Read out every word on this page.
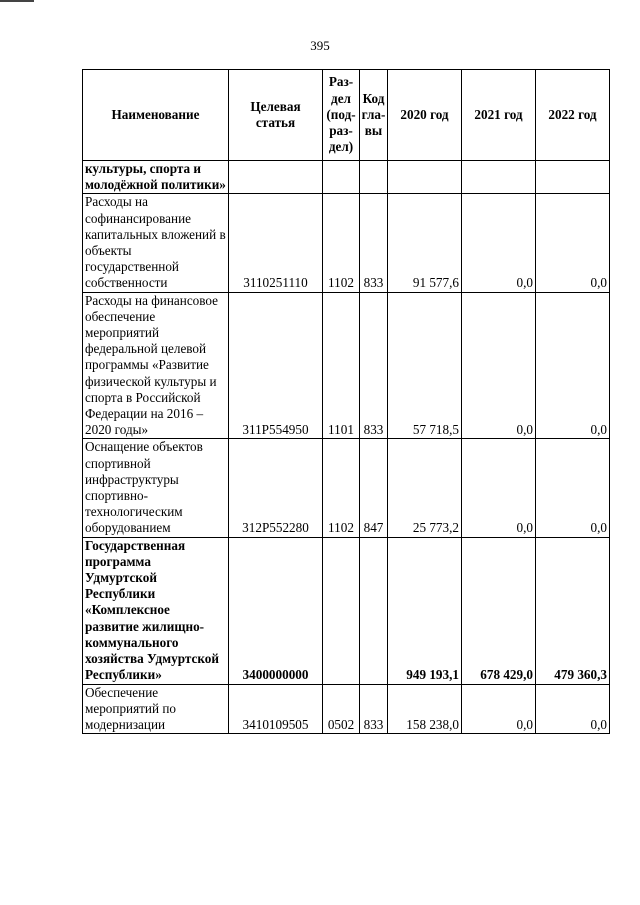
395
Наименование	Целевая статья	Раз-дел (под-раз-дел)	Код гла-вы	2020 год	2021 год	2022 год
культуры, спорта и молодёжной политики»						
Расходы на софинансирование капитальных вложений в объекты государственной собственности	3110251110	1102	833	91 577,6	0,0	0,0
Расходы на финансовое обеспечение мероприятий федеральной целевой программы «Развитие физической культуры и спорта в Российской Федерации на 2016 – 2020 годы»	311Р554950	1101	833	57 718,5	0,0	0,0
Оснащение объектов спортивной инфраструктуры спортивно-технологическим оборудованием	312Р552280	1102	847	25 773,2	0,0	0,0
Государственная программа Удмуртской Республики «Комплексное развитие жилищно-коммунального хозяйства Удмуртской Республики»	3400000000			949 193,1	678 429,0	479 360,3
Обеспечение мероприятий по модернизации	3410109505	0502	833	158 238,0	0,0	0,0
